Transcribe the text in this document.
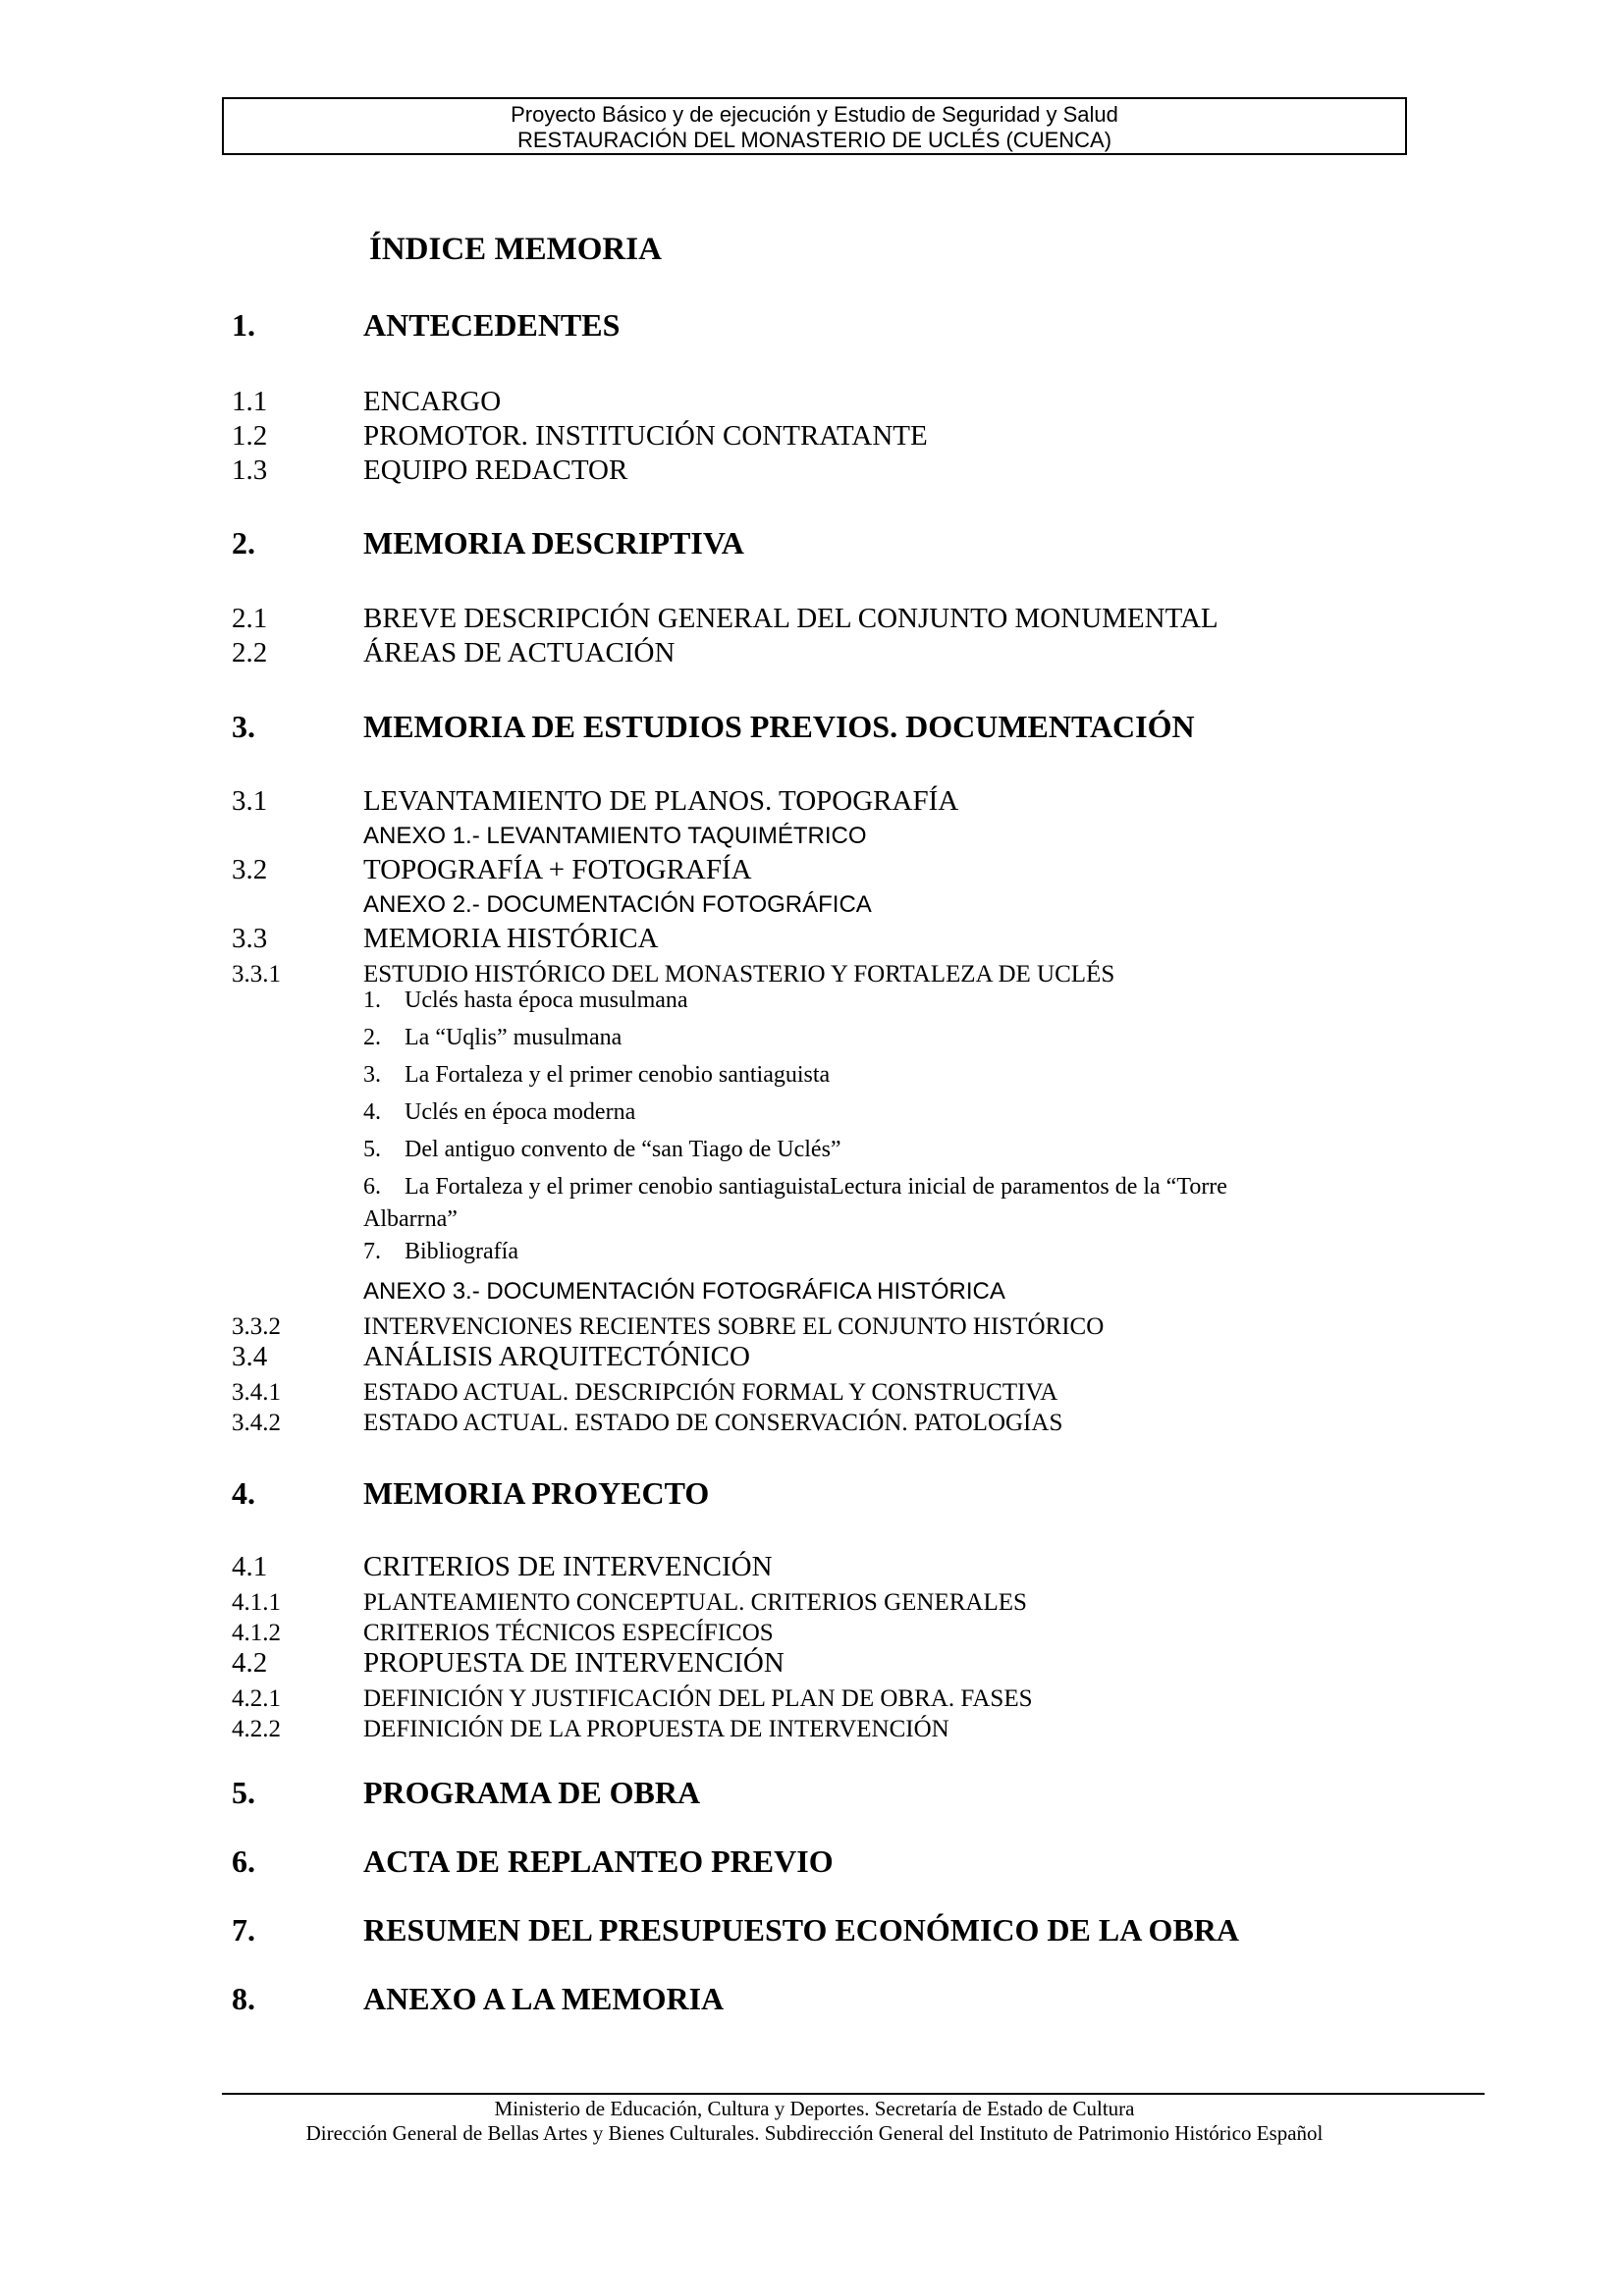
Proyecto Básico y de ejecución y Estudio de Seguridad y Salud
RESTAURACIÓN DEL MONASTERIO DE UCLÉS (CUENCA)
ÍNDICE MEMORIA
1.	ANTECEDENTES
1.1	ENCARGO
1.2	PROMOTOR. INSTITUCIÓN CONTRATANTE
1.3	EQUIPO REDACTOR
2.	MEMORIA DESCRIPTIVA
2.1	BREVE DESCRIPCIÓN GENERAL DEL CONJUNTO MONUMENTAL
2.2	ÁREAS DE ACTUACIÓN
3.	MEMORIA DE ESTUDIOS PREVIOS. DOCUMENTACIÓN
3.1	LEVANTAMIENTO DE PLANOS. TOPOGRAFÍA
ANEXO 1.- LEVANTAMIENTO TAQUIMÉTRICO
3.2	TOPOGRAFÍA + FOTOGRAFÍA
ANEXO 2.- DOCUMENTACIÓN FOTOGRÁFICA
3.3	MEMORIA HISTÓRICA
3.3.1	ESTUDIO HISTÓRICO DEL MONASTERIO Y FORTALEZA DE UCLÉS
1. Uclés hasta época musulmana
2. La “Uqlis” musulmana
3. La Fortaleza y el primer cenobio santiaguista
4. Uclés en época moderna
5. Del antiguo convento de “san Tiago de Uclés”
6. La Fortaleza y el primer cenobio santiaguistaLectura inicial de paramentos de la “Torre
Albarrna”
7. Bibliografía
ANEXO 3.- DOCUMENTACIÓN FOTOGRÁFICA HISTÓRICA
3.3.2	INTERVENCIONES RECIENTES SOBRE EL CONJUNTO HISTÓRICO
3.4	ANÁLISIS ARQUITECTÓNICO
3.4.1	ESTADO ACTUAL. DESCRIPCIÓN FORMAL Y CONSTRUCTIVA
3.4.2	ESTADO ACTUAL. ESTADO DE CONSERVACIÓN. PATOLOGÍAS
4.	MEMORIA PROYECTO
4.1	CRITERIOS DE INTERVENCIÓN
4.1.1	PLANTEAMIENTO CONCEPTUAL. CRITERIOS GENERALES
4.1.2	CRITERIOS TÉCNICOS ESPECÍFICOS
4.2	PROPUESTA DE INTERVENCIÓN
4.2.1	DEFINICIÓN Y JUSTIFICACIÓN DEL PLAN DE OBRA. FASES
4.2.2	DEFINICIÓN DE LA PROPUESTA DE INTERVENCIÓN
5.	PROGRAMA DE OBRA
6.	ACTA DE REPLANTEO PREVIO
7.	RESUMEN DEL PRESUPUESTO ECONÓMICO DE LA OBRA
8.	ANEXO A LA MEMORIA
Ministerio de Educación, Cultura y Deportes. Secretaría de Estado de Cultura
Dirección General de Bellas Artes y Bienes Culturales. Subdirección General del Instituto de Patrimonio Histórico Español
